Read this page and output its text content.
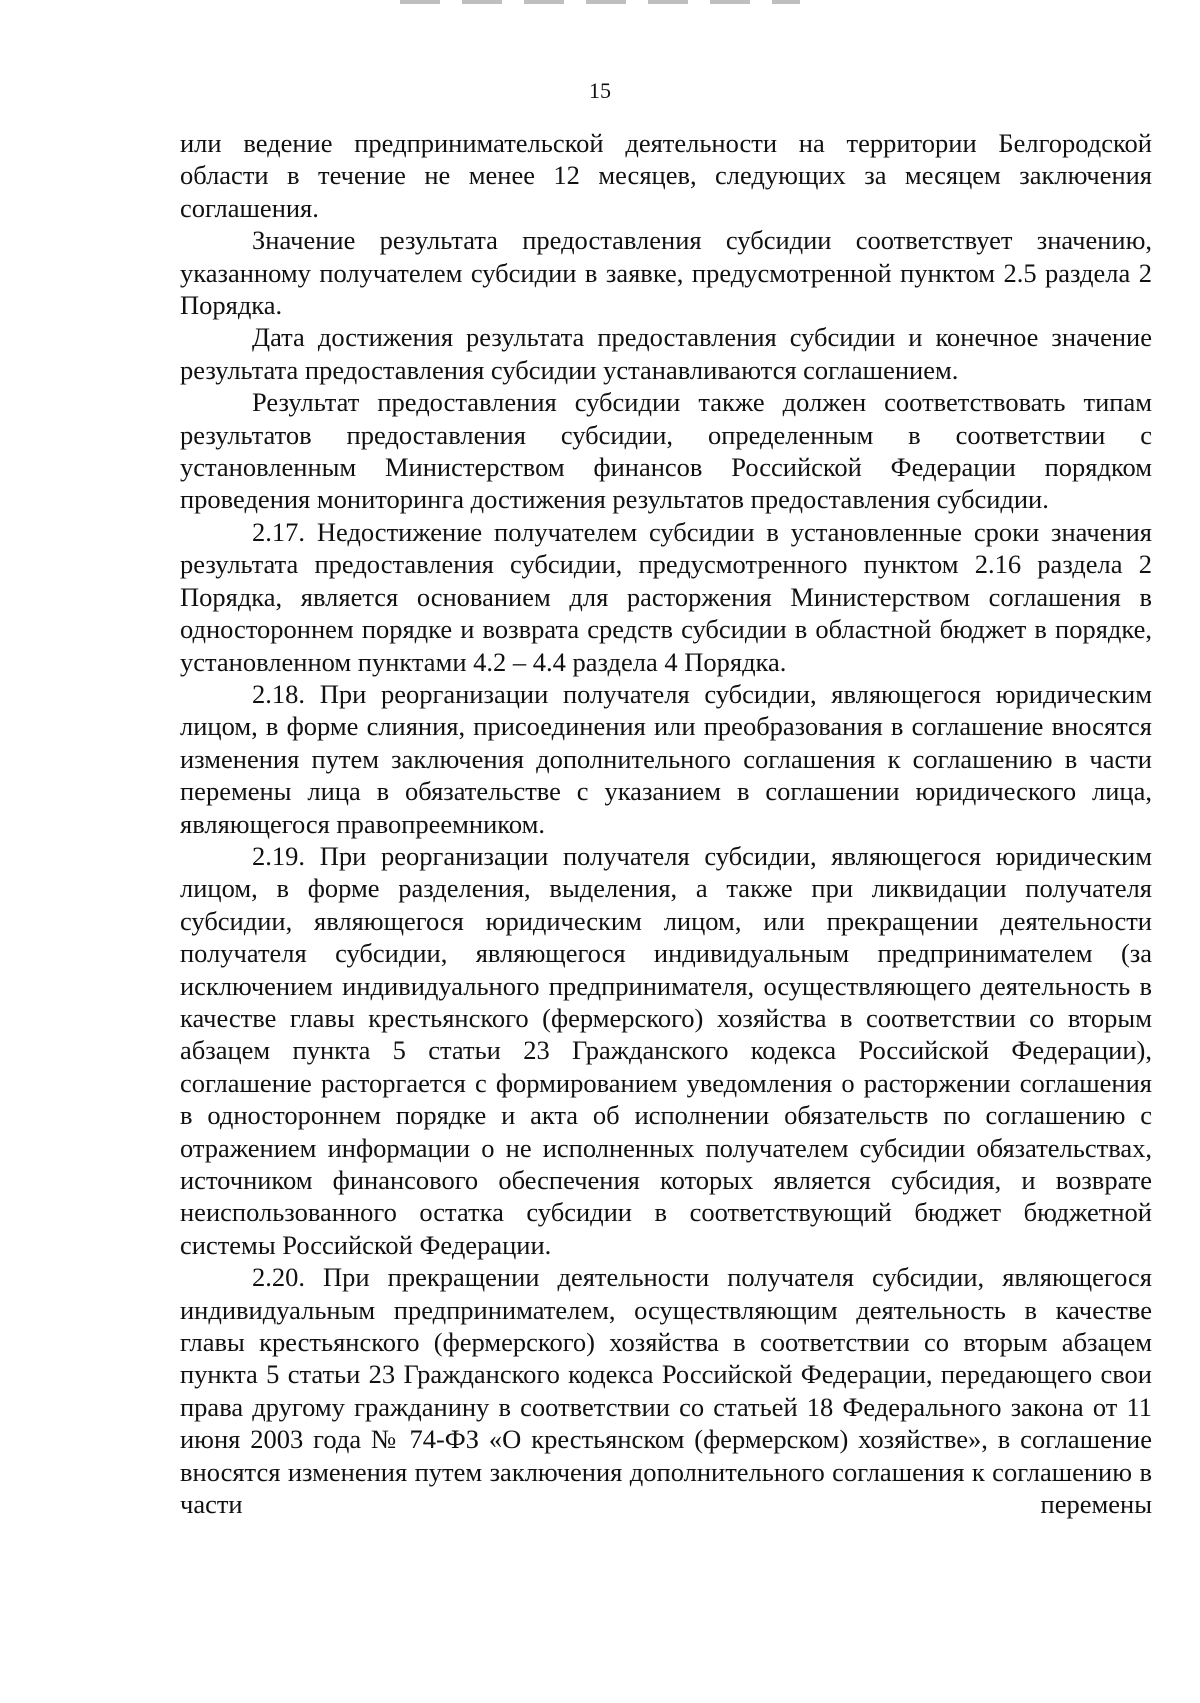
15

или ведение предпринимательской деятельности на территории Белгородской области в течение не менее 12 месяцев, следующих за месяцем заключения соглашения.

Значение результата предоставления субсидии соответствует значению, указанному получателем субсидии в заявке, предусмотренной пунктом 2.5 раздела 2 Порядка.

Дата достижения результата предоставления субсидии и конечное значение результата предоставления субсидии устанавливаются соглашением.

Результат предоставления субсидии также должен соответствовать типам результатов предоставления субсидии, определенным в соответствии с установленным Министерством финансов Российской Федерации порядком проведения мониторинга достижения результатов предоставления субсидии.

2.17. Недостижение получателем субсидии в установленные сроки значения результата предоставления субсидии, предусмотренного пунктом 2.16 раздела 2 Порядка, является основанием для расторжения Министерством соглашения в одностороннем порядке и возврата средств субсидии в областной бюджет в порядке, установленном пунктами 4.2 – 4.4 раздела 4 Порядка.

2.18. При реорганизации получателя субсидии, являющегося юридическим лицом, в форме слияния, присоединения или преобразования в соглашение вносятся изменения путем заключения дополнительного соглашения к соглашению в части перемены лица в обязательстве с указанием в соглашении юридического лица, являющегося правопреемником.

2.19. При реорганизации получателя субсидии, являющегося юридическим лицом, в форме разделения, выделения, а также при ликвидации получателя субсидии, являющегося юридическим лицом, или прекращении деятельности получателя субсидии, являющегося индивидуальным предпринимателем (за исключением индивидуального предпринимателя, осуществляющего деятельность в качестве главы крестьянского (фермерского) хозяйства в соответствии со вторым абзацем пункта 5 статьи 23 Гражданского кодекса Российской Федерации), соглашение расторгается с формированием уведомления о расторжении соглашения в одностороннем порядке и акта об исполнении обязательств по соглашению с отражением информации о не исполненных получателем субсидии обязательствах, источником финансового обеспечения которых является субсидия, и возврате неиспользованного остатка субсидии в соответствующий бюджет бюджетной системы Российской Федерации.

2.20. При прекращении деятельности получателя субсидии, являющегося индивидуальным предпринимателем, осуществляющим деятельность в качестве главы крестьянского (фермерского) хозяйства в соответствии со вторым абзацем пункта 5 статьи 23 Гражданского кодекса Российской Федерации, передающего свои права другому гражданину в соответствии со статьей 18 Федерального закона от 11 июня 2003 года № 74-ФЗ «О крестьянском (фермерском) хозяйстве», в соглашение вносятся изменения путем заключения дополнительного соглашения к соглашению в части перемены
